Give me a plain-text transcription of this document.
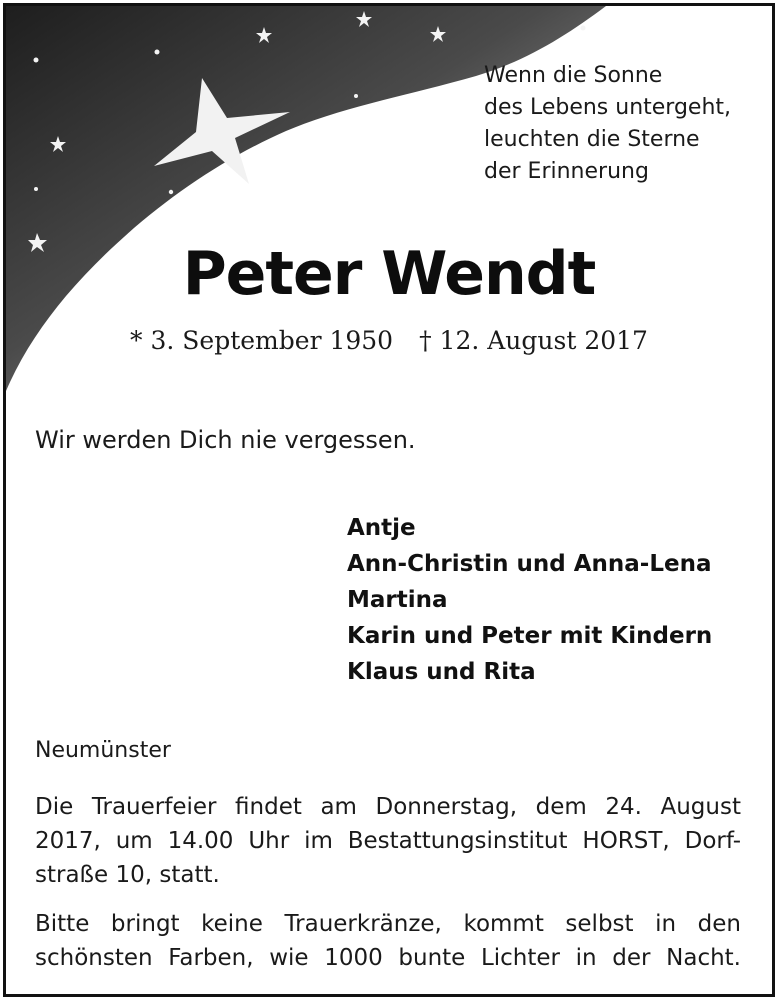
Wenn die Sonne
des Lebens untergeht,
leuchten die Sterne
der Erinnerung
Peter Wendt
* 3. September 1950 † 12. August 2017
Wir werden Dich nie vergessen.
Antje
Ann-Christin und Anna-Lena
Martina
Karin und Peter mit Kindern
Klaus und Rita
Neumünster
Die Trauerfeier findet am Donnerstag, dem 24. August
2017, um 14.00 Uhr im Bestattungsinstitut HORST, Dorf-
straße 10, statt.
Bitte bringt keine Trauerkränze, kommt selbst in den
schönsten Farben, wie 1000 bunte Lichter in der Nacht.
